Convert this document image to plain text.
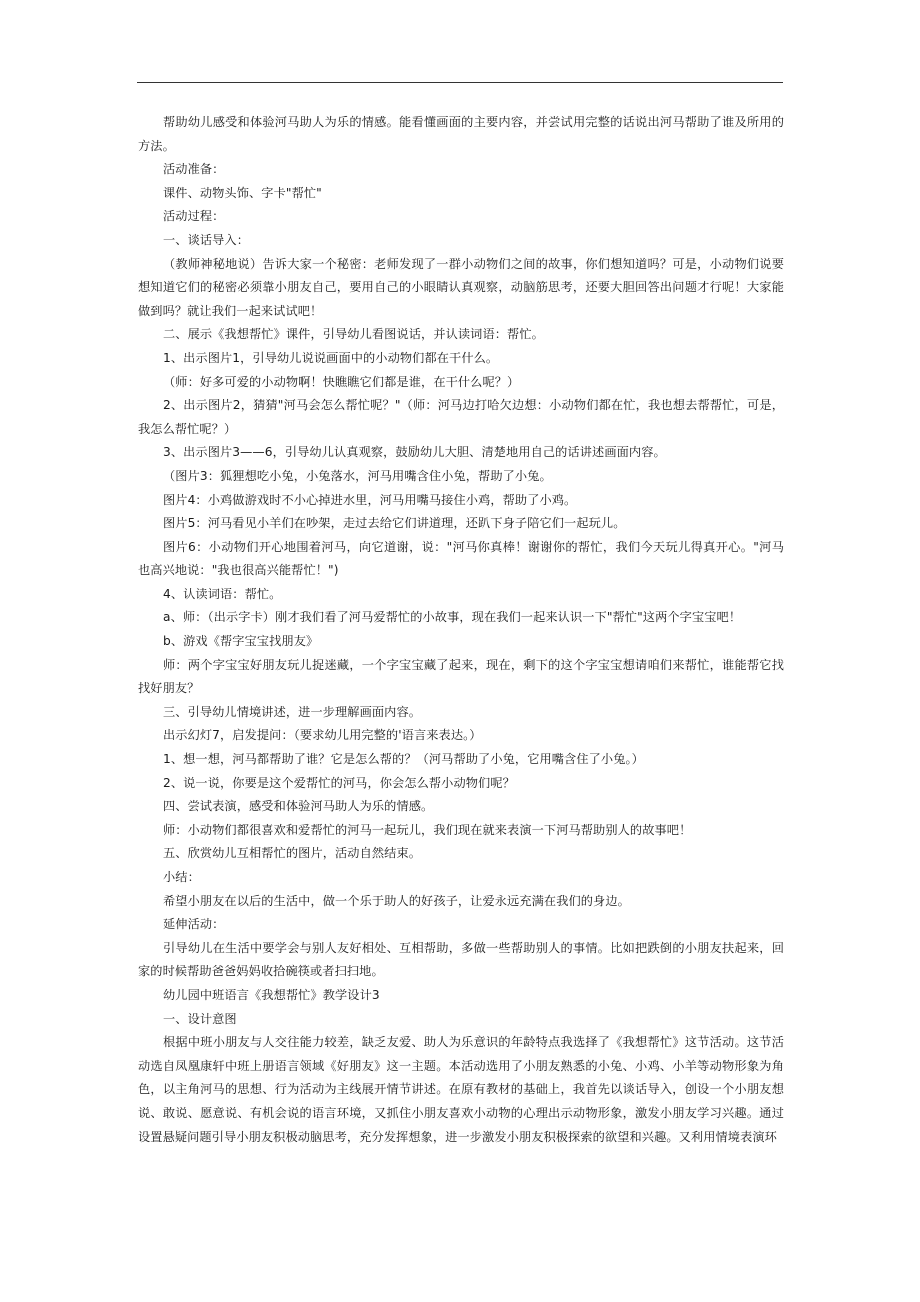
帮助幼儿感受和体验河马助人为乐的情感。能看懂画面的主要内容，并尝试用完整的话说出河马帮助了谁及所用的方法。

活动准备：

课件、动物头饰、字卡"帮忙"

活动过程：

一、谈话导入：

（教师神秘地说）告诉大家一个秘密：老师发现了一群小动物们之间的故事，你们想知道吗？可是，小动物们说要想知道它们的秘密必须靠小朋友自己，要用自己的小眼睛认真观察，动脑筋思考，还要大胆回答出问题才行呢！大家能做到吗？就让我们一起来试试吧！

二、展示《我想帮忙》课件，引导幼儿看图说话，并认读词语：帮忙。

1、出示图片1，引导幼儿说说画面中的小动物们都在干什么。

（师：好多可爱的小动物啊！快瞧瞧它们都是谁，在干什么呢？）

2、出示图片2，猜猜"河马会怎么帮忙呢？"（师：河马边打哈欠边想：小动物们都在忙，我也想去帮帮忙，可是，我怎么帮忙呢？）

3、出示图片3——6，引导幼儿认真观察，鼓励幼儿大胆、清楚地用自己的话讲述画面内容。

（图片3：狐狸想吃小兔，小兔落水，河马用嘴含住小兔，帮助了小兔。

图片4：小鸡做游戏时不小心掉进水里，河马用嘴马接住小鸡，帮助了小鸡。

图片5：河马看见小羊们在吵架，走过去给它们讲道理，还趴下身子陪它们一起玩儿。

图片6：小动物们开心地围着河马，向它道谢，说："河马你真棒！谢谢你的帮忙，我们今天玩儿得真开心。"河马也高兴地说："我也很高兴能帮忙！")

4、认读词语：帮忙。

a、师：（出示字卡）刚才我们看了河马爱帮忙的小故事，现在我们一起来认识一下"帮忙"这两个字宝宝吧！

b、游戏《帮字宝宝找朋友》

师：两个字宝宝好朋友玩儿捉迷藏，一个字宝宝藏了起来，现在，剩下的这个字宝宝想请咱们来帮忙，谁能帮它找找好朋友？

三、引导幼儿情境讲述，进一步理解画面内容。

出示幻灯7，启发提问：（要求幼儿用完整的'语言来表达。）

1、想一想，河马都帮助了谁？它是怎么帮的？（河马帮助了小兔，它用嘴含住了小兔。）

2、说一说，你要是这个爱帮忙的河马，你会怎么帮小动物们呢？

四、尝试表演，感受和体验河马助人为乐的情感。

师：小动物们都很喜欢和爱帮忙的河马一起玩儿，我们现在就来表演一下河马帮助别人的故事吧！

五、欣赏幼儿互相帮忙的图片，活动自然结束。

小结：

希望小朋友在以后的生活中，做一个乐于助人的好孩子，让爱永远充满在我们的身边。

延伸活动：

引导幼儿在生活中要学会与别人友好相处、互相帮助，多做一些帮助别人的事情。比如把跌倒的小朋友扶起来，回家的时候帮助爸爸妈妈收拾碗筷或者扫扫地。

幼儿园中班语言《我想帮忙》教学设计3

一、设计意图

根据中班小朋友与人交往能力较差，缺乏友爱、助人为乐意识的年龄特点我选择了《我想帮忙》这节活动。这节活动选自凤凰康轩中班上册语言领域《好朋友》这一主题。本活动选用了小朋友熟悉的小兔、小鸡、小羊等动物形象为角色，以主角河马的思想、行为活动为主线展开情节讲述。在原有教材的基础上，我首先以谈话导入，创设一个小朋友想说、敢说、愿意说、有机会说的语言环境，又抓住小朋友喜欢小动物的心理出示动物形象，激发小朋友学习兴趣。通过设置悬疑问题引导小朋友积极动脑思考，充分发挥想象，进一步激发小朋友积极探索的欲望和兴趣。又利用情境表演环
